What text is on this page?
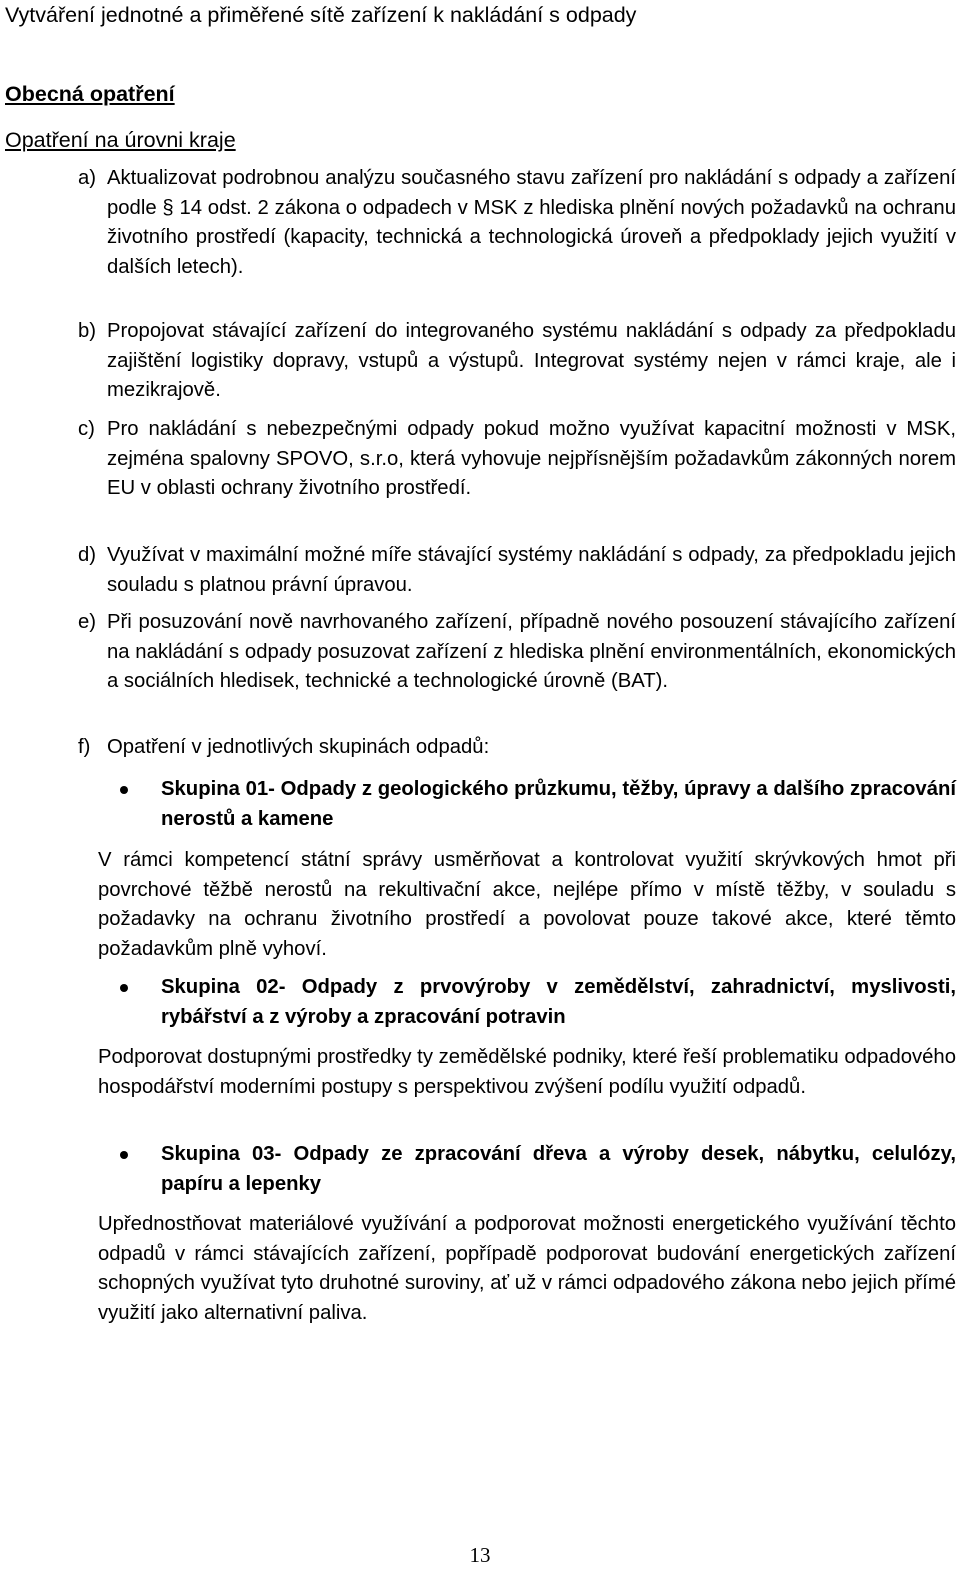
Vytváření jednotné a přiměřené sítě zařízení k nakládání s odpady
Obecná opatření
Opatření na úrovni kraje
a) Aktualizovat podrobnou analýzu současného stavu zařízení pro nakládání s odpady a zařízení podle § 14 odst. 2 zákona o odpadech v MSK z hlediska plnění nových požadavků na ochranu životního prostředí (kapacity, technická a technologická úroveň a předpoklady jejich využití v dalších letech).
b) Propojovat stávající zařízení do integrovaného systému nakládání s odpady za předpokladu zajištění logistiky dopravy, vstupů a výstupů. Integrovat systémy nejen v rámci kraje, ale i mezikrajově.
c) Pro nakládání s nebezpečnými odpady pokud možno využívat kapacitní možnosti v MSK, zejména spalovny SPOVO, s.r.o, která vyhovuje nejpřísnějším požadavkům zákonných norem EU v oblasti ochrany životního prostředí.
d) Využívat v maximální možné míře stávající systémy nakládání s odpady, za předpokladu jejich souladu s platnou právní úpravou.
e) Při posuzování nově navrhovaného zařízení, případně nového posouzení stávajícího zařízení na nakládání s odpady posuzovat zařízení z hlediska plnění environmentálních, ekonomických a sociálních hledisek, technické a technologické úrovně (BAT).
f) Opatření v jednotlivých skupinách odpadů:
Skupina 01- Odpady z geologického průzkumu, těžby, úpravy a dalšího zpracování nerostů a kamene
V rámci kompetencí státní správy usměrňovat a kontrolovat využití skrývkových hmot při povrchové těžbě nerostů na rekultivační akce, nejlépe přímo v místě těžby, v souladu s požadavky na ochranu životního prostředí a povolovat pouze takové akce, které těmto požadavkům plně vyhoví.
Skupina 02- Odpady z prvovýroby v zemědělství, zahradnictví, myslivosti, rybářství a z výroby a zpracování potravin
Podporovat dostupnými prostředky ty zemědělské podniky, které řeší problematiku odpadového hospodářství moderními postupy s perspektivou zvýšení podílu využití odpadů.
Skupina 03- Odpady ze zpracování dřeva a výroby desek, nábytku, celulózy, papíru a lepenky
Upřednostňovat materiálové využívání a podporovat možnosti energetického využívání těchto odpadů v rámci stávajících zařízení, popřípadě podporovat budování energetických zařízení schopných využívat tyto druhotné suroviny, ať už v rámci odpadového zákona nebo jejich přímé využití jako alternativní paliva.
13
